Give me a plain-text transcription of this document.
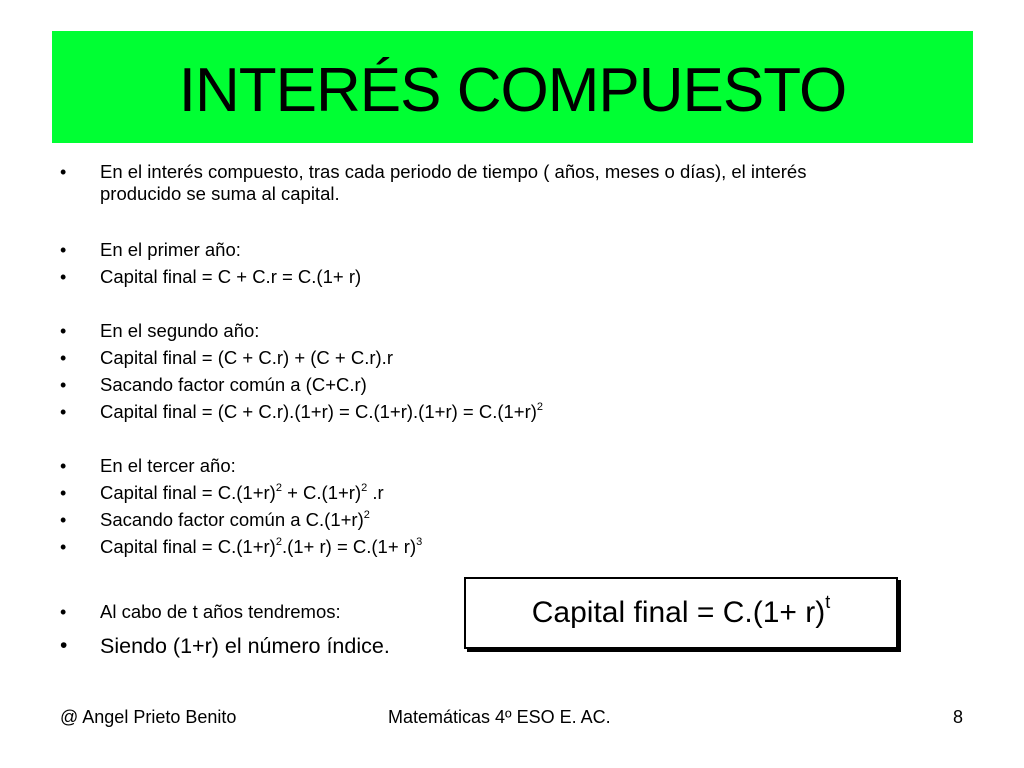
INTERÉS COMPUESTO
• En el interés compuesto, tras cada periodo de tiempo ( años, meses o días), el interés producido se suma al capital.
• En el primer año:
• Capital final = C + C.r = C.(1+ r)
• En el segundo año:
• Capital final = (C + C.r) + (C + C.r).r
• Sacando factor común a (C+C.r)
• Capital final = $(C + C.r).(1+r) = C.(1+r).(1+r) = C.(1+r)^2$
• En el tercer año:
• Capital final = $C.(1+r)^2 + C.(1+r)^2$ .r
• Sacando factor común a $C.(1+r)^2$
• Capital final = $C.(1+r)^2.(1+ r) = C.(1+ r)^3$
• Al cabo de t años tendremos:
• Siendo (1+r) el número índice.
Capital final = $C.(1+ r)^t$
@ Angel Prieto Benito	Matemáticas 4º ESO E. AC.	8
